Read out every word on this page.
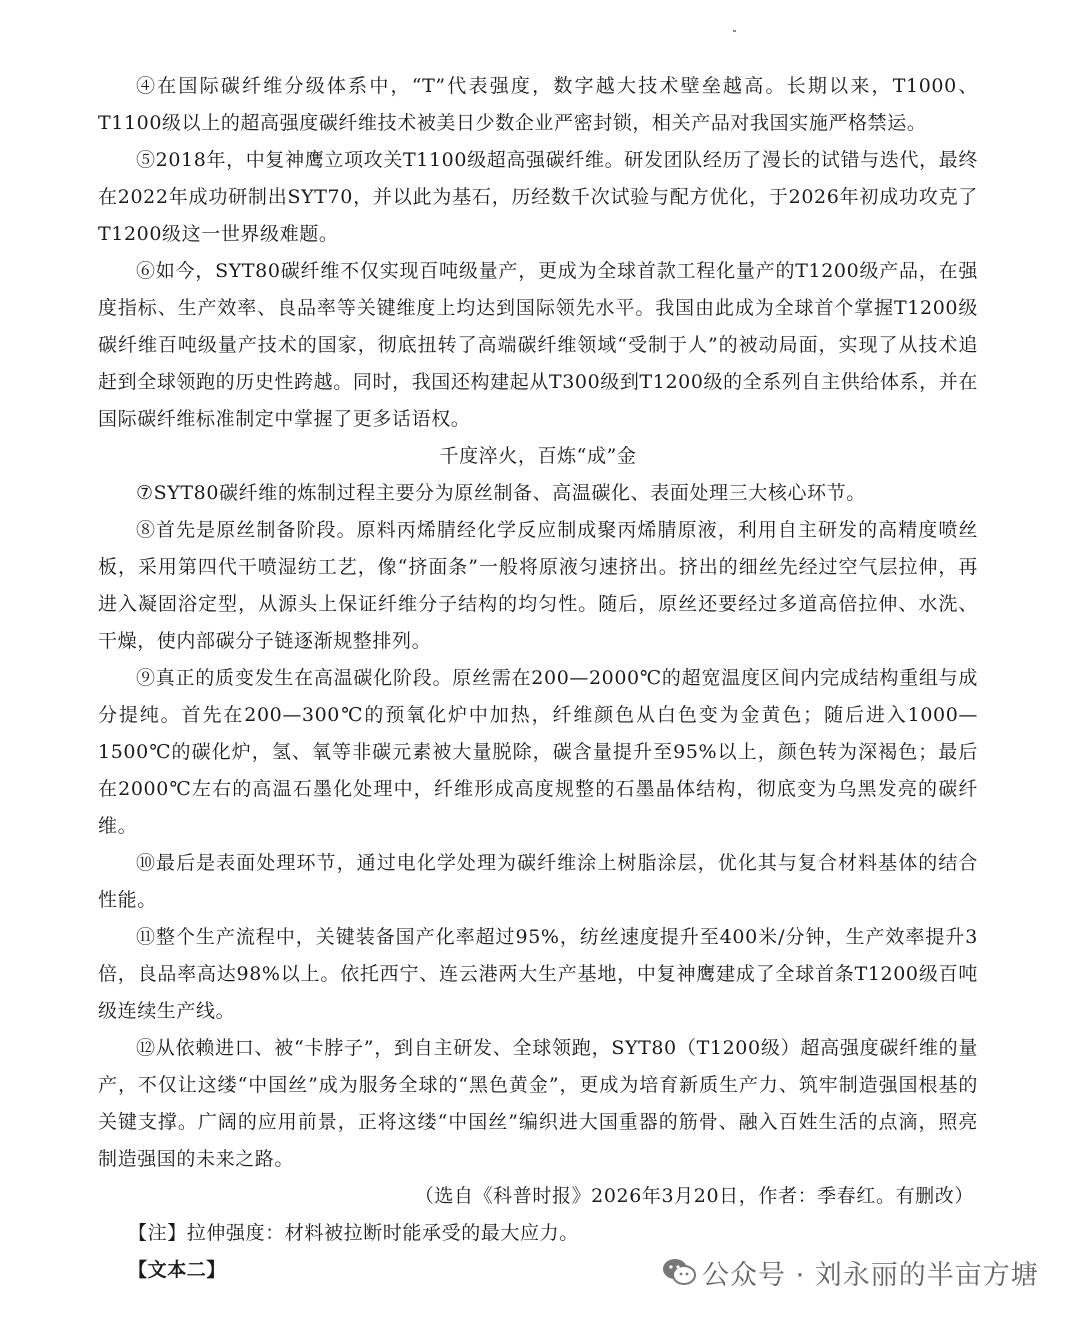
④在国际碳纤维分级体系中，“T”代表强度，数字越大技术壁垒越高。长期以来，T1000、T1100级以上的超高强度碳纤维技术被美日少数企业严密封锁，相关产品对我国实施严格禁运。

⑤2018年，中复神鹰立项攻关T1100级超高强碳纤维。研发团队经历了漫长的试错与迭代，最终在2022年成功研制出SYT70，并以此为基石，历经数千次试验与配方优化，于2026年初成功攻克了T1200级这一世界级难题。

⑥如今，SYT80碳纤维不仅实现百吨级量产，更成为全球首款工程化量产的T1200级产品，在强度指标、生产效率、良品率等关键维度上均达到国际领先水平。我国由此成为全球首个掌握T1200级碳纤维百吨级量产技术的国家，彻底扭转了高端碳纤维领域“受制于人”的被动局面，实现了从技术追赶到全球领跑的历史性跨越。同时，我国还构建起从T300级到T1200级的全系列自主供给体系，并在国际碳纤维标准制定中掌握了更多话语权。

千度淬火，百炼“成”金

⑦SYT80碳纤维的炼制过程主要分为原丝制备、高温碳化、表面处理三大核心环节。

⑧首先是原丝制备阶段。原料丙烯腈经化学反应制成聚丙烯腈原液，利用自主研发的高精度喷丝板，采用第四代干喷湿纺工艺，像“挤面条”一般将原液匀速挤出。挤出的细丝先经过空气层拉伸，再进入凝固浴定型，从源头上保证纤维分子结构的均匀性。随后，原丝还要经过多道高倍拉伸、水洗、干燥，使内部碳分子链逐渐规整排列。

⑨真正的质变发生在高温碳化阶段。原丝需在200—2000℃的超宽温度区间内完成结构重组与成分提纯。首先在200—300℃的预氧化炉中加热，纤维颜色从白色变为金黄色；随后进入1000—1500℃的碳化炉，氢、氧等非碳元素被大量脱除，碳含量提升至95%以上，颜色转为深褐色；最后在2000℃左右的高温石墨化处理中，纤维形成高度规整的石墨晶体结构，彻底变为乌黑发亮的碳纤维。

⑩最后是表面处理环节，通过电化学处理为碳纤维涂上树脂涂层，优化其与复合材料基体的结合性能。

⑪整个生产流程中，关键装备国产化率超过95%，纺丝速度提升至400米/分钟，生产效率提升3倍，良品率高达98%以上。依托西宁、连云港两大生产基地，中复神鹰建成了全球首条T1200级百吨级连续生产线。

⑫从依赖进口、被“卡脖子”，到自主研发、全球领跑，SYT80（T1200级）超高强度碳纤维的量产，不仅让这缕“中国丝”成为服务全球的“黑色黄金”，更成为培育新质生产力、筑牢制造强国根基的关键支撑。广阔的应用前景，正将这缕“中国丝”编织进大国重器的筋骨、融入百姓生活的点滴，照亮制造强国的未来之路。

（选自《科普时报》2026年3月20日，作者：季春红。有删改）

【注】拉伸强度：材料被拉断时能承受的最大应力。

【文本二】	公众号 · 刘永丽的半亩方塘
